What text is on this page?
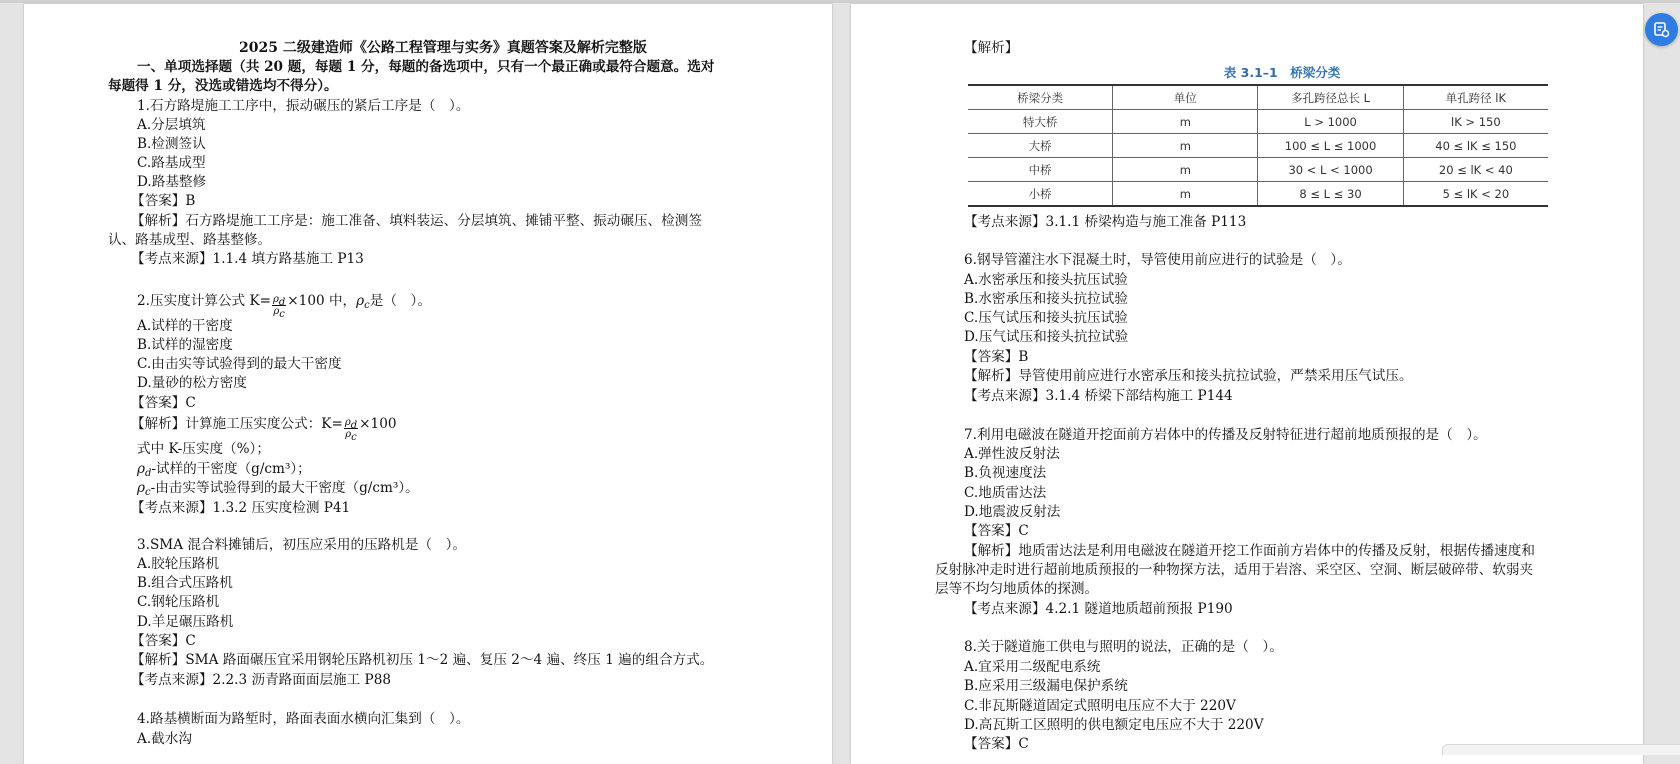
2025 二级建造师《公路工程管理与实务》真题答案及解析完整版
一、单项选择题（共 20 题，每题 1 分，每题的备选项中，只有一个最正确或最符合题意。选对
每题得 1 分，没选或错选均不得分）。
1.石方路堤施工工序中，振动碾压的紧后工序是（　）。
A.分层填筑
B.检测签认
C.路基成型
D.路基整修
【答案】B
【解析】石方路堤施工工序是：施工准备、填料装运、分层填筑、摊铺平整、振动碾压、检测签
认、路基成型、路基整修。
【考点来源】1.1.4 填方路基施工 P13
2.压实度计算公式 $K= \frac{\rho_d}{\rho_c} \times 100$ 中，$\rho_c$是（　）。
A.试样的干密度
B.试样的湿密度
C.由击实等试验得到的最大干密度
D.量砂的松方密度
【答案】C
【解析】计算施工压实度公式：$K= \frac{\rho_d}{\rho_c} \times 100$
式中 K-压实度（%）；
$\rho_d-$试样的干密度（g/cm³）；
$\rho_c-$由击实等试验得到的最大干密度（g/cm³）。
【考点来源】1.3.2 压实度检测 P41
3.SMA 混合料摊铺后，初压应采用的压路机是（　）。
A.胶轮压路机
B.组合式压路机
C.钢轮压路机
D.羊足碾压路机
【答案】C
【解析】SMA 路面碾压宜采用钢轮压路机初压 1～2 遍、复压 2～4 遍、终压 1 遍的组合方式。
【考点来源】2.2.3 沥青路面面层施工 P88
4.路基横断面为路堑时，路面表面水横向汇集到（　）。
A.截水沟
【解析】
表 3.1–1　桥梁分类
桥梁分类	单位	多孔跨径总长 L	单孔跨径 lK
特大桥	m	L > 1000	lK > 150
大桥	m	100 ≤ L ≤ 1000	40 ≤ lK ≤ 150
中桥	m	30 < L < 1000	20 ≤ lK < 40
小桥	m	8 ≤ L ≤ 30	5 ≤ lK < 20
【考点来源】3.1.1 桥梁构造与施工准备 P113
6.钢导管灌注水下混凝土时，导管使用前应进行的试验是（　）。
A.水密承压和接头抗压试验
B.水密承压和接头抗拉试验
C.压气试压和接头抗压试验
D.压气试压和接头抗拉试验
【答案】B
【解析】导管使用前应进行水密承压和接头抗拉试验，严禁采用压气试压。
【考点来源】3.1.4 桥梁下部结构施工 P144
7.利用电磁波在隧道开挖面前方岩体中的传播及反射特征进行超前地质预报的是（　）。
A.弹性波反射法
B.负视速度法
C.地质雷达法
D.地震波反射法
【答案】C
【解析】地质雷达法是利用电磁波在隧道开挖工作面前方岩体中的传播及反射，根据传播速度和
反射脉冲走时进行超前地质预报的一种物探方法，适用于岩溶、采空区、空洞、断层破碎带、软弱夹
层等不均匀地质体的探测。
【考点来源】4.2.1 隧道地质超前预报 P190
8.关于隧道施工供电与照明的说法，正确的是（　）。
A.宜采用二级配电系统
B.应采用三级漏电保护系统
C.非瓦斯隧道固定式照明电压应不大于 220V
D.高瓦斯工区照明的供电额定电压应不大于 220V
【答案】C
